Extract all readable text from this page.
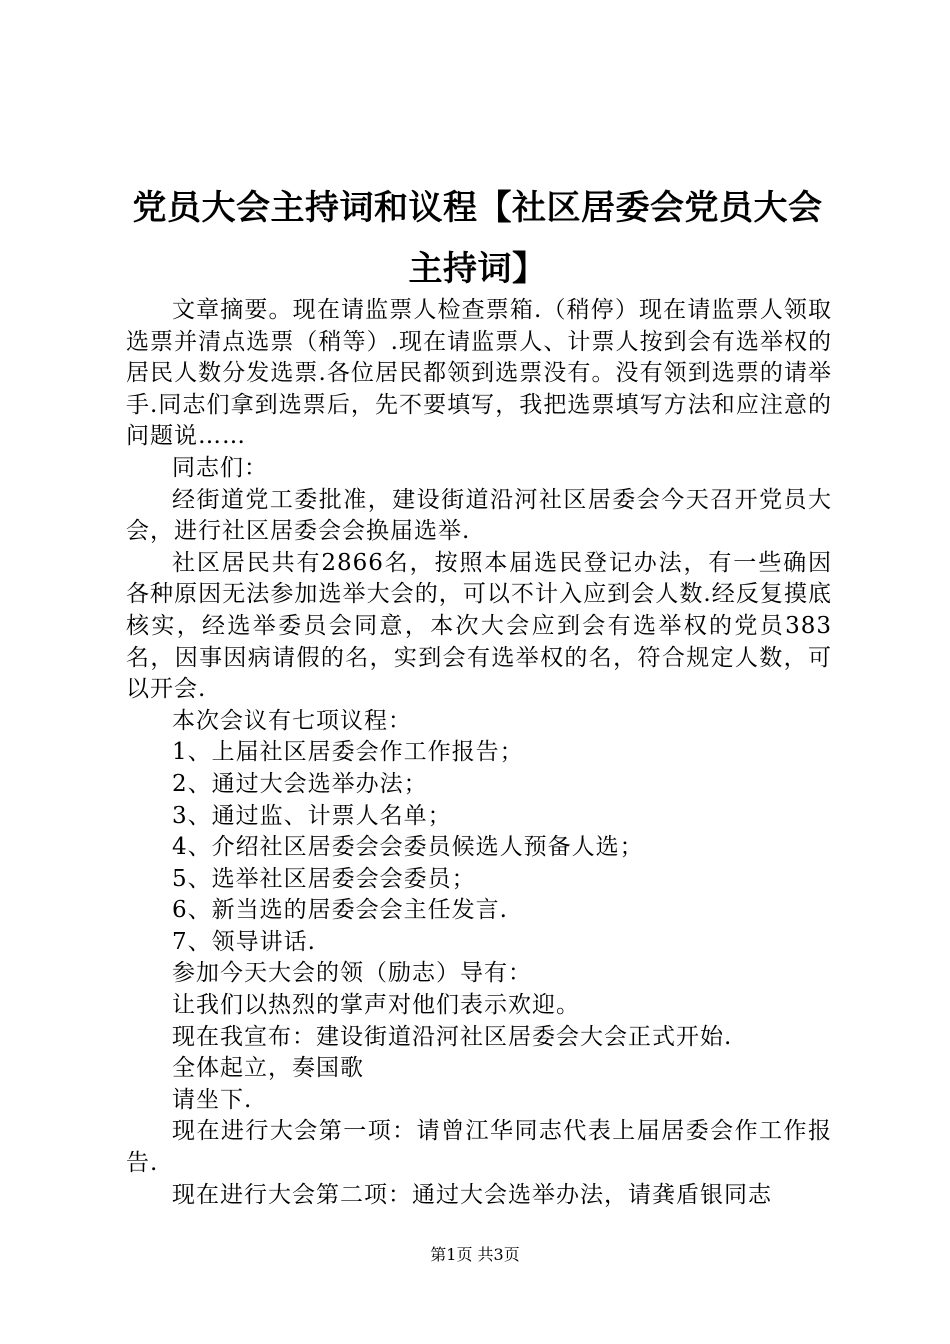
党员大会主持词和议程【社区居委会党员大会主持词】

文章摘要。现在请监票人检查票箱.（稍停）现在请监票人领取选票并清点选票（稍等）.现在请监票人、计票人按到会有选举权的居民人数分发选票.各位居民都领到选票没有。没有领到选票的请举手.同志们拿到选票后，先不要填写，我把选票填写方法和应注意的问题说……

同志们：

经街道党工委批准，建设街道沿河社区居委会今天召开党员大会，进行社区居委会会换届选举.

社区居民共有2866名，按照本届选民登记办法，有一些确因各种原因无法参加选举大会的，可以不计入应到会人数.经反复摸底核实，经选举委员会同意，本次大会应到会有选举权的党员383名，因事因病请假的名，实到会有选举权的名，符合规定人数，可以开会.

本次会议有七项议程：

1、上届社区居委会作工作报告；

2、通过大会选举办法；

3、通过监、计票人名单；

4、介绍社区居委会会委员候选人预备人选；

5、选举社区居委会会委员；

6、新当选的居委会会主任发言.

7、领导讲话.

参加今天大会的领（励志）导有：

让我们以热烈的掌声对他们表示欢迎。

现在我宣布：建设街道沿河社区居委会大会正式开始.

全体起立，奏国歌

请坐下.

现在进行大会第一项：请曾江华同志代表上届居委会作工作报告.

现在进行大会第二项：通过大会选举办法，请龚盾银同志

第1页 共3页
